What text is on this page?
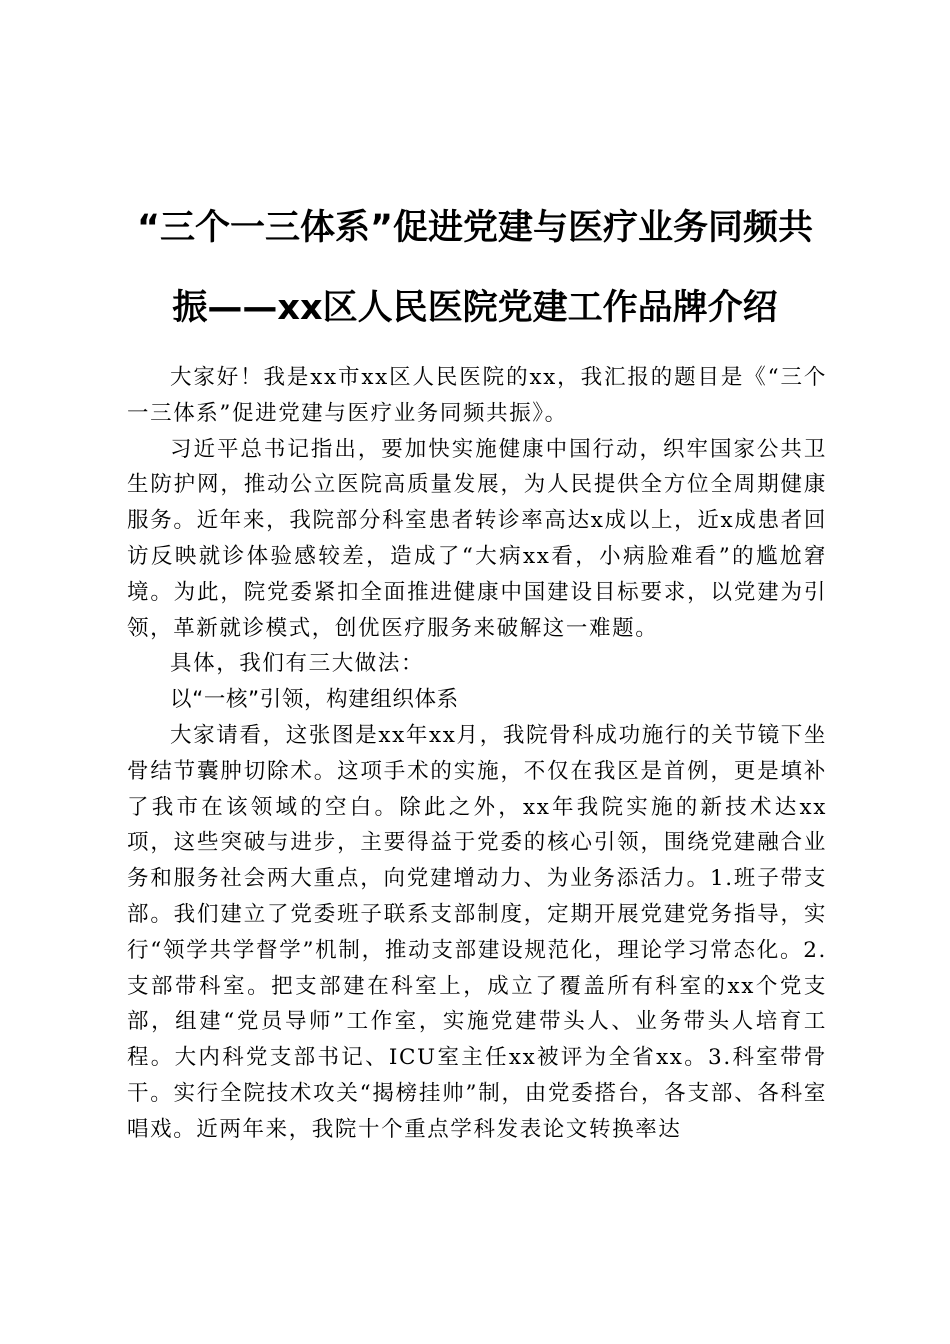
“三个一三体系”促进党建与医疗业务同频共
振——xx区人民医院党建工作品牌介绍

大家好！我是xx市xx区人民医院的xx，我汇报的题目是《“三个一三体系”促进党建与医疗业务同频共振》。

习近平总书记指出，要加快实施健康中国行动，织牢国家公共卫生防护网，推动公立医院高质量发展，为人民提供全方位全周期健康服务。近年来，我院部分科室患者转诊率高达x成以上，近x成患者回访反映就诊体验感较差，造成了“大病xx看，小病脸难看”的尴尬窘境。为此，院党委紧扣全面推进健康中国建设目标要求，以党建为引领，革新就诊模式，创优医疗服务来破解这一难题。

具体，我们有三大做法：

以“一核”引领，构建组织体系

大家请看，这张图是xx年xx月，我院骨科成功施行的关节镜下坐骨结节囊肿切除术。这项手术的实施，不仅在我区是首例，更是填补了我市在该领域的空白。除此之外，xx年我院实施的新技术达xx项，这些突破与进步，主要得益于党委的核心引领，围绕党建融合业务和服务社会两大重点，向党建增动力、为业务添活力。1.班子带支部。我们建立了党委班子联系支部制度，定期开展党建党务指导，实行“领学共学督学”机制，推动支部建设规范化，理论学习常态化。2.支部带科室。把支部建在科室上，成立了覆盖所有科室的xx个党支部，组建“党员导师”工作室，实施党建带头人、业务带头人培育工程。大内科党支部书记、ICU室主任xx被评为全省xx。3.科室带骨干。实行全院技术攻关“揭榜挂帅”制，由党委搭台，各支部、各科室唱戏。近两年来，我院十个重点学科发表论文转换率达
